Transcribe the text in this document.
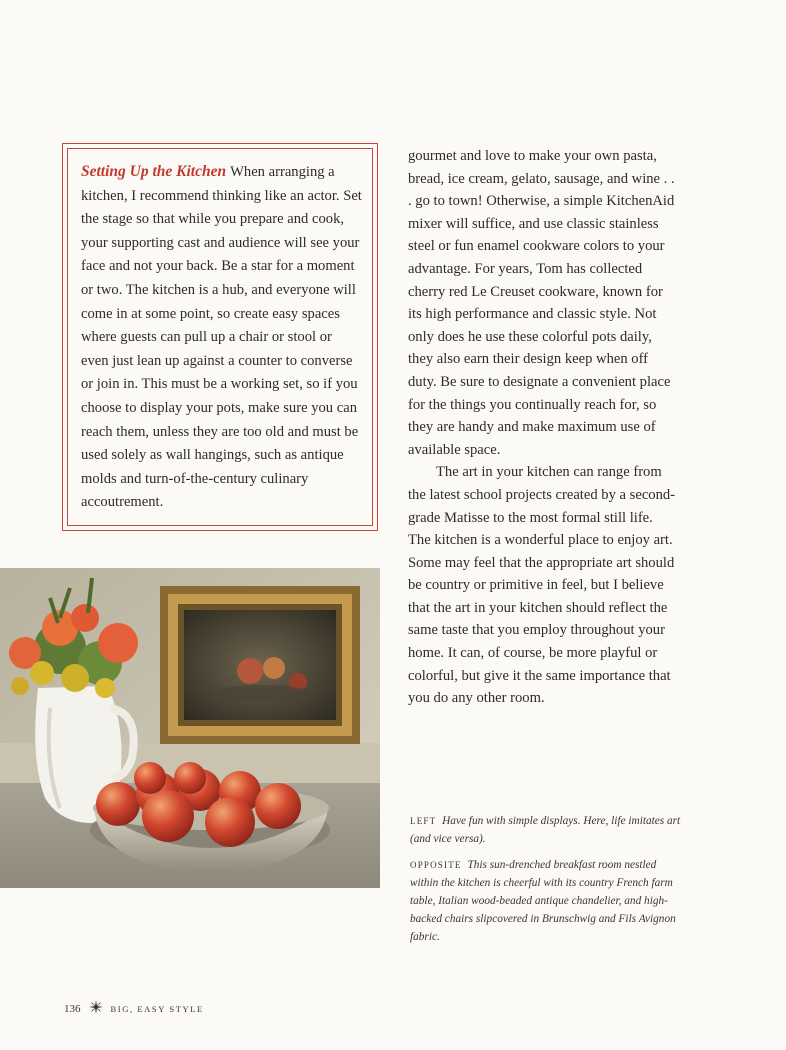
Setting Up the Kitchen When arranging a kitchen, I recommend thinking like an actor. Set the stage so that while you prepare and cook, your supporting cast and audience will see your face and not your back. Be a star for a moment or two. The kitchen is a hub, and everyone will come in at some point, so create easy spaces where guests can pull up a chair or stool or even just lean up against a counter to converse or join in. This must be a working set, so if you choose to display your pots, make sure you can reach them, unless they are too old and must be used solely as wall hangings, such as antique molds and turn-of-the-century culinary accoutrement.

gourmet and love to make your own pasta, bread, ice cream, gelato, sausage, and wine . . . go to town! Otherwise, a simple KitchenAid mixer will suffice, and use classic stainless steel or fun enamel cookware colors to your advantage. For years, Tom has collected cherry red Le Creuset cookware, known for its high performance and classic style. Not only does he use these colorful pots daily, they also earn their design keep when off duty. Be sure to designate a convenient place for the things you continually reach for, so they are handy and make maximum use of available space.

The art in your kitchen can range from the latest school projects created by a second-grade Matisse to the most formal still life. The kitchen is a wonderful place to enjoy art. Some may feel that the appropriate art should be country or primitive in feel, but I believe that the art in your kitchen should reflect the same taste that you employ throughout your home. It can, of course, be more playful or colorful, but give it the same importance that you do any other room.

LEFT Have fun with simple displays. Here, life imitates art (and vice versa).

OPPOSITE This sun-drenched breakfast room nestled within the kitchen is cheerful with its country French farm table, Italian wood-beaded antique chandelier, and high-backed chairs slipcovered in Brunschwig and Fils Avignon fabric.

136	BIG, EASY STYLE
